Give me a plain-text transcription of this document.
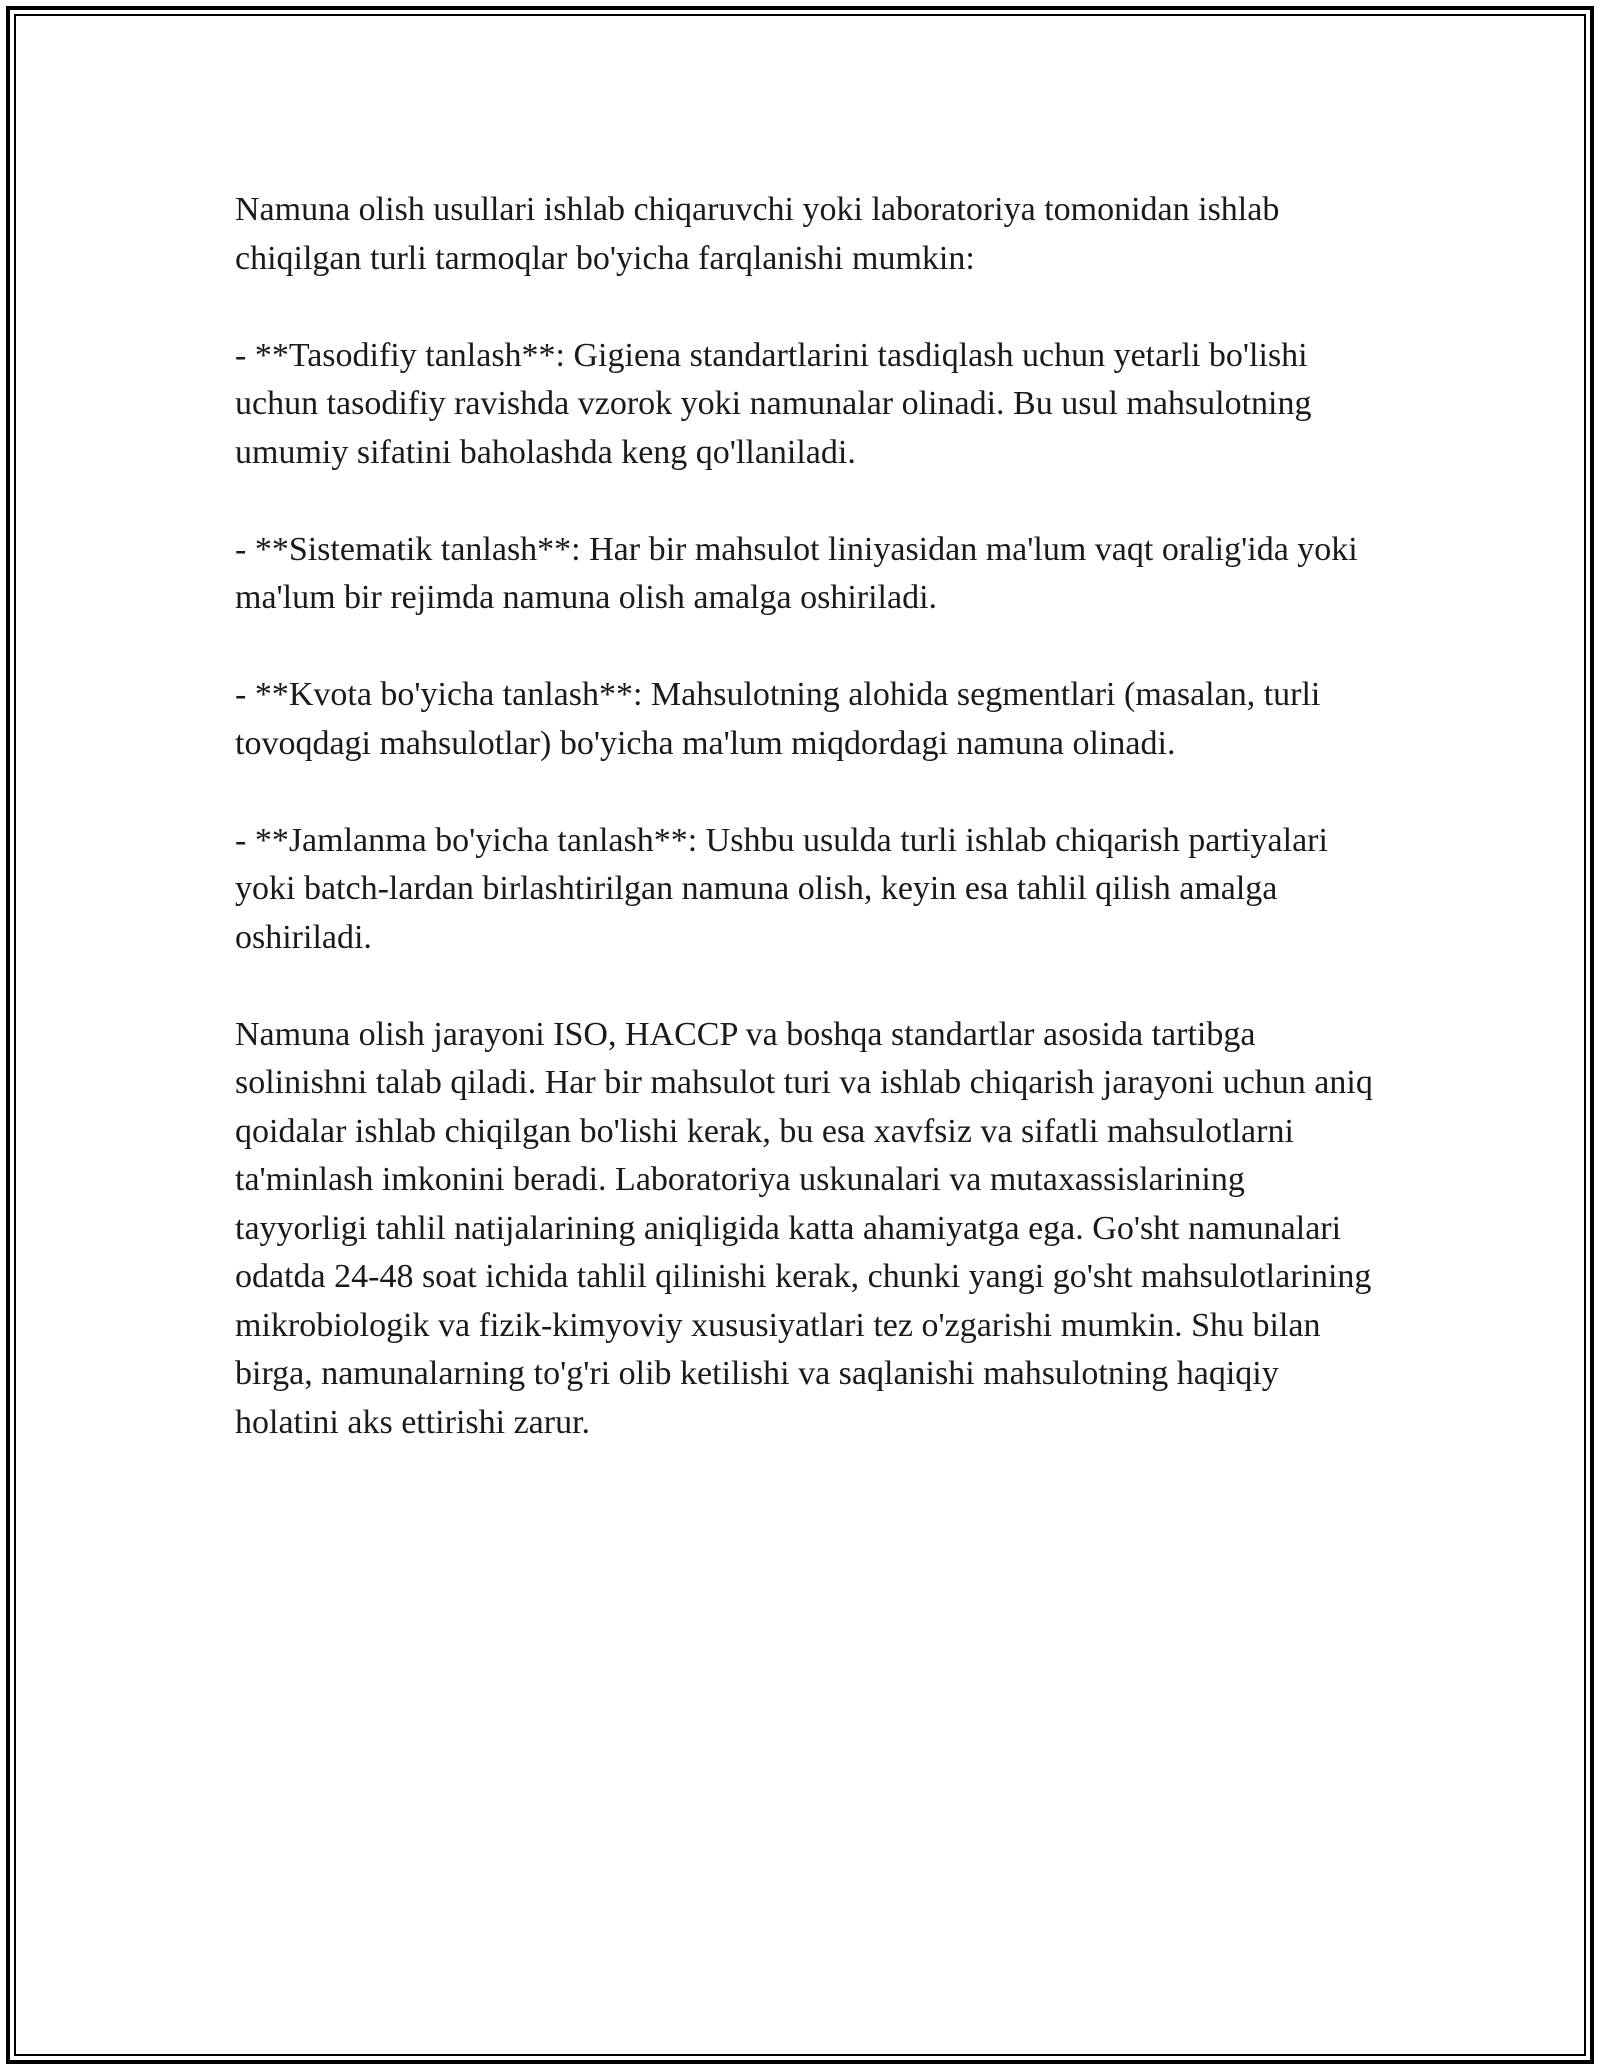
Namuna olish usullari ishlab chiqaruvchi yoki laboratoriya tomonidan ishlab chiqilgan turli tarmoqlar bo'yicha farqlanishi mumkin:

- **Tasodifiy tanlash**: Gigiena standartlarini tasdiqlash uchun yetarli bo'lishi uchun tasodifiy ravishda vzorok yoki namunalar olinadi. Bu usul mahsulotning umumiy sifatini baholashda keng qo'llaniladi.

- **Sistematik tanlash**: Har bir mahsulot liniyasidan ma'lum vaqt oralig'ida yoki ma'lum bir rejimda namuna olish amalga oshiriladi.

- **Kvota bo'yicha tanlash**: Mahsulotning alohida segmentlari (masalan, turli tovoqdagi mahsulotlar) bo'yicha ma'lum miqdordagi namuna olinadi.

- **Jamlanma bo'yicha tanlash**: Ushbu usulda turli ishlab chiqarish partiyalari yoki batch-lardan birlashtirilgan namuna olish, keyin esa tahlil qilish amalga oshiriladi.

Namuna olish jarayoni ISO, HACCP va boshqa standartlar asosida tartibga solinishni talab qiladi. Har bir mahsulot turi va ishlab chiqarish jarayoni uchun aniq qoidalar ishlab chiqilgan bo'lishi kerak, bu esa xavfsiz va sifatli mahsulotlarni ta'minlash imkonini beradi. Laboratoriya uskunalari va mutaxassislarining tayyorligi tahlil natijalarining aniqligida katta ahamiyatga ega. Go'sht namunalari odatda 24-48 soat ichida tahlil qilinishi kerak, chunki yangi go'sht mahsulotlarining mikrobiologik va fizik-kimyoviy xususiyatlari tez o'zgarishi mumkin. Shu bilan birga, namunalarning to'g'ri olib ketilishi va saqlanishi mahsulotning haqiqiy holatini aks ettirishi zarur.
